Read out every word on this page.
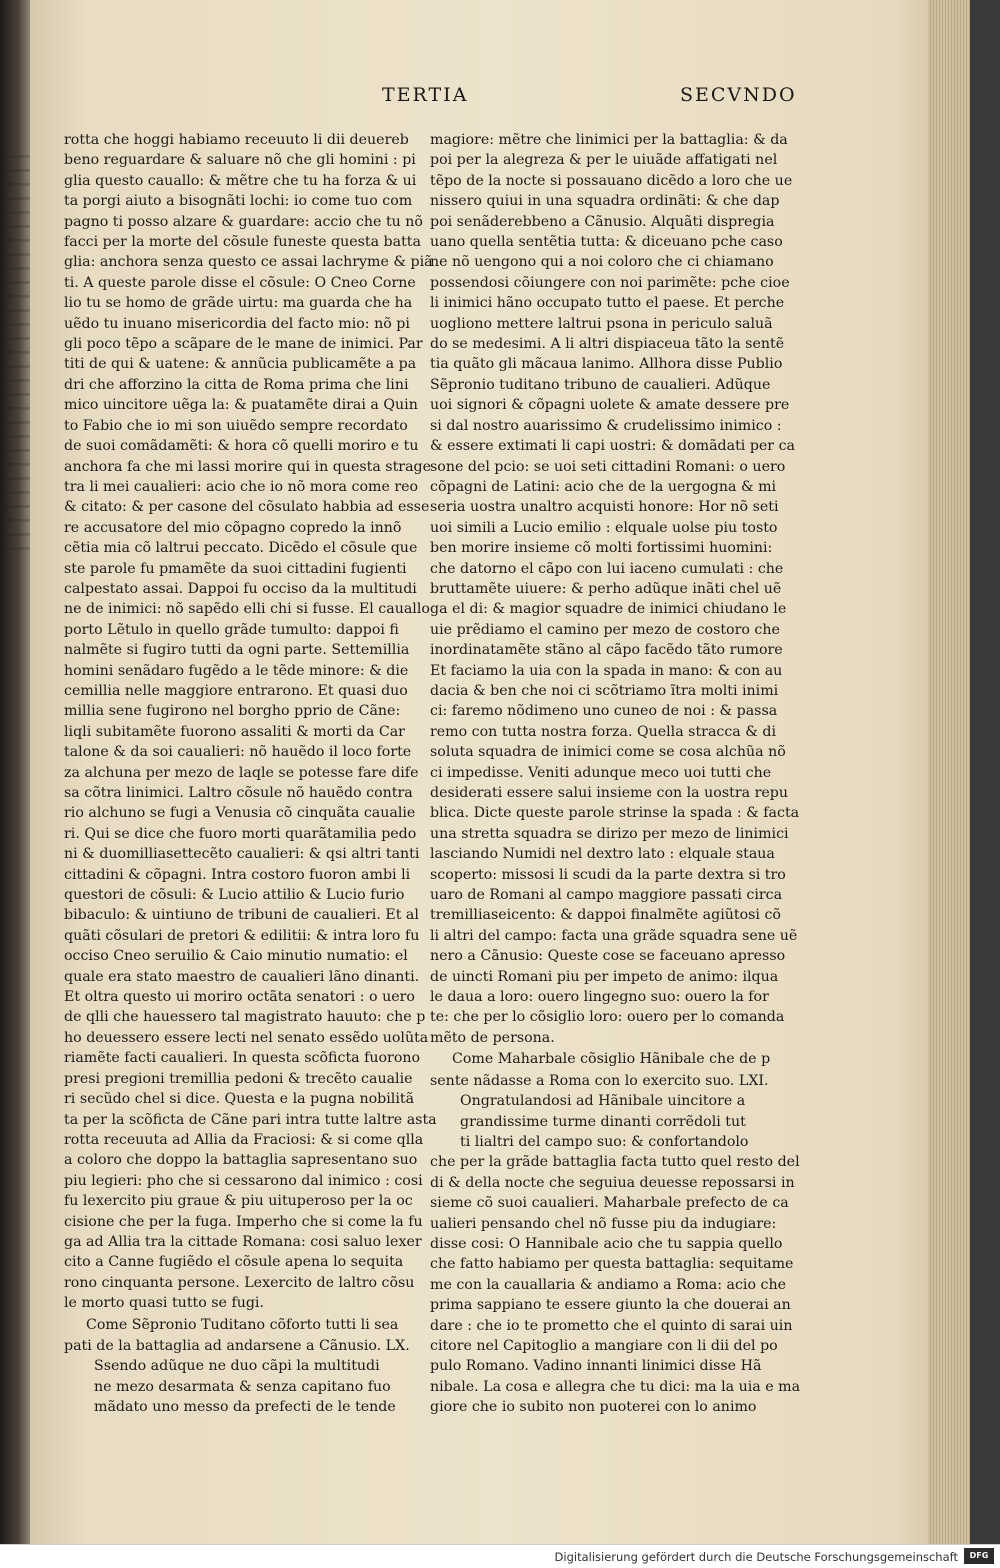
TERTIA	SECVNDO

rotta che hoggi habiamo receuuto li dii deuereb

beno reguardare & saluare nõ che gli homini : pi

glia questo cauallo: & mẽtre che tu ha forza & ui

ta porgi aiuto a bisognãti lochi: io come tuo com

pagno ti posso alzare & guardare: accio che tu nõ

facci per la morte del cõsule funeste questa batta

glia: anchora senza questo ce assai lachryme & piã

ti. A queste parole disse el cõsule: O Cneo Corne

lio tu se homo de grãde uirtu: ma guarda che ha

uẽdo tu inuano misericordia del facto mio: nõ pi

gli poco tẽpo a scãpare de le mane de inimici. Par

titi de qui & uatene: & annũcia publicamẽte a pa

dri che afforzino la citta de Roma prima che lini

mico uincitore uẽga la: & puatamẽte dirai a Quin

to Fabio che io mi son uiuẽdo sempre recordato

de suoi comãdamẽti: & hora cõ quelli moriro e tu

anchora fa che mi lassi morire qui in questa strage

tra li mei caualieri: acio che io nõ mora come reo

& citato: & per casone del cõsulato habbia ad esse

re accusatore del mio cõpagno copredo la innõ

cẽtia mia cõ laltrui peccato. Dicẽdo el cõsule que

ste parole fu pmamẽte da suoi cittadini fugienti

calpestato assai. Dappoi fu occiso da la multitudi

ne de inimici: nõ sapẽdo elli chi si fusse. El cauallo

porto Lẽtulo in quello grãde tumulto: dappoi fi

nalmẽte si fugiro tutti da ogni parte. Settemillia

homini senãdaro fugẽdo a le tẽde minore: & die

cemillia nelle maggiore entrarono. Et quasi duo

millia sene fugirono nel borgho pprio de Cãne:

liqli subitamẽte fuorono assaliti & morti da Car

talone & da soi caualieri: nõ hauẽdo il loco forte

za alchuna per mezo de laqle se potesse fare dife

sa cõtra linimici. Laltro cõsule nõ hauẽdo contra

rio alchuno se fugi a Venusia cõ cinquãta caualie

ri. Qui se dice che fuoro morti quarãtamilia pedo

ni & duomilliasettecẽto caualieri: & qsi altri tanti

cittadini & cõpagni. Intra costoro fuoron ambi li

questori de cõsuli: & Lucio attilio & Lucio furio

bibaculo: & uintiuno de tribuni de caualieri. Et al

quãti cõsulari de pretori & edilitii: & intra loro fu

occiso Cneo seruilio & Caio minutio numatio: el

quale era stato maestro de caualieri lãno dinanti.

Et oltra questo ui moriro octãta senatori : o uero

de qlli che hauessero tal magistrato hauuto: che p

ho deuessero essere lecti nel senato essẽdo uolũta

riamẽte facti caualieri. In questa scõficta fuorono

presi pregioni tremillia pedoni & trecẽto caualie

ri secũdo chel si dice. Questa e la pugna nobilitã

ta per la scõficta de Cãne pari intra tutte laltre asta

rotta receuuta ad Allia da Fraciosi: & si come qlla

a coloro che doppo la battaglia sapresentano suo

piu legieri: pho che si cessarono dal inimico : cosi

fu lexercito piu graue & piu uituperoso per la oc

cisione che per la fuga. Imperho che si come la fu

ga ad Allia tra la cittade Romana: cosi saluo lexer

cito a Canne fugiẽdo el cõsule apena lo sequita

rono cinquanta persone. Lexercito de laltro cõsu

le morto quasi tutto se fugi.

Come Sẽpronio Tuditano cõforto tutti li sea

pati de la battaglia ad andarsene a Cãnusio. LX.

Ssendo adũque ne duo cãpi la multitudi

ne mezo desarmata & senza capitano fuo

mãdato uno messo da prefecti de le tende

magiore: mẽtre che linimici per la battaglia: & da

poi per la alegreza & per le uiuãde affatigati nel

tẽpo de la nocte si possauano dicẽdo a loro che ue

nissero quiui in una squadra ordinãti: & che dap

poi senãderebbeno a Cãnusio. Alquãti dispregia

uano quella sentẽtia tutta: & diceuano pche caso

ne nõ uengono qui a noi coloro che ci chiamano

possendosi cõiungere con noi parimẽte: pche cioe

li inimici hãno occupato tutto el paese. Et perche

uogliono mettere laltrui psona in periculo saluã

do se medesimi. A li altri dispiaceua tãto la sentẽ

tia quãto gli mãcaua lanimo. Allhora disse Publio

Sẽpronio tuditano tribuno de caualieri. Adũque

uoi signori & cõpagni uolete & amate dessere pre

si dal nostro auarissimo & crudelissimo inimico :

& essere extimati li capi uostri: & domãdati per ca

sone del pcio: se uoi seti cittadini Romani: o uero

cõpagni de Latini: acio che de la uergogna & mi

seria uostra unaltro acquisti honore: Hor nõ seti

uoi simili a Lucio emilio : elquale uolse piu tosto

ben morire insieme cõ molti fortissimi huomini:

che datorno el cãpo con lui iaceno cumulati : che

bruttamẽte uiuere: & perho adũque inãti chel uẽ

ga el di: & magior squadre de inimici chiudano le

uie prẽdiamo el camino per mezo de costoro che

inordinatamẽte stãno al cãpo facẽdo tãto rumore

Et faciamo la uia con la spada in mano: & con au

dacia & ben che noi ci scõtriamo ĩtra molti inimi

ci: faremo nõdimeno uno cuneo de noi : & passa

remo con tutta nostra forza. Quella stracca & di

soluta squadra de inimici come se cosa alchũa nõ

ci impedisse. Veniti adunque meco uoi tutti che

desiderati essere salui insieme con la uostra repu

blica. Dicte queste parole strinse la spada : & facta

una stretta squadra se dirizo per mezo de linimici

lasciando Numidi nel dextro lato : elquale staua

scoperto: missosi li scudi da la parte dextra si tro

uaro de Romani al campo maggiore passati circa

tremilliaseicento: & dappoi finalmẽte agiũtosi cõ

li altri del campo: facta una grãde squadra sene uẽ

nero a Cãnusio: Queste cose se faceuano apresso

de uincti Romani piu per impeto de animo: ilqua

le daua a loro: ouero lingegno suo: ouero la for

te: che per lo cõsiglio loro: ouero per lo comanda

mẽto de persona.

Come Maharbale cõsiglio Hãnibale che de p

sente nãdasse a Roma con lo exercito suo. LXI.

Ongratulandosi ad Hãnibale uincitore a

grandissime turme dinanti corrẽdoli tut

ti lialtri del campo suo: & confortandolo

che per la grãde battaglia facta tutto quel resto del

di & della nocte che seguiua deuesse repossarsi in

sieme cõ suoi caualieri. Maharbale prefecto de ca

ualieri pensando chel nõ fusse piu da indugiare:

disse cosi: O Hannibale acio che tu sappia quello

che fatto habiamo per questa battaglia: sequitame

me con la cauallaria & andiamo a Roma: acio che

prima sappiano te essere giunto la che douerai an

dare : che io te prometto che el quinto di sarai uin

citore nel Capitoglio a mangiare con li dii del po

pulo Romano. Vadino innanti linimici disse Hã

nibale. La cosa e allegra che tu dici: ma la uia e ma

giore che io subito non puoterei con lo animo

Digitalisierung gefördert durch die Deutsche Forschungsgemeinschaft	DFG
